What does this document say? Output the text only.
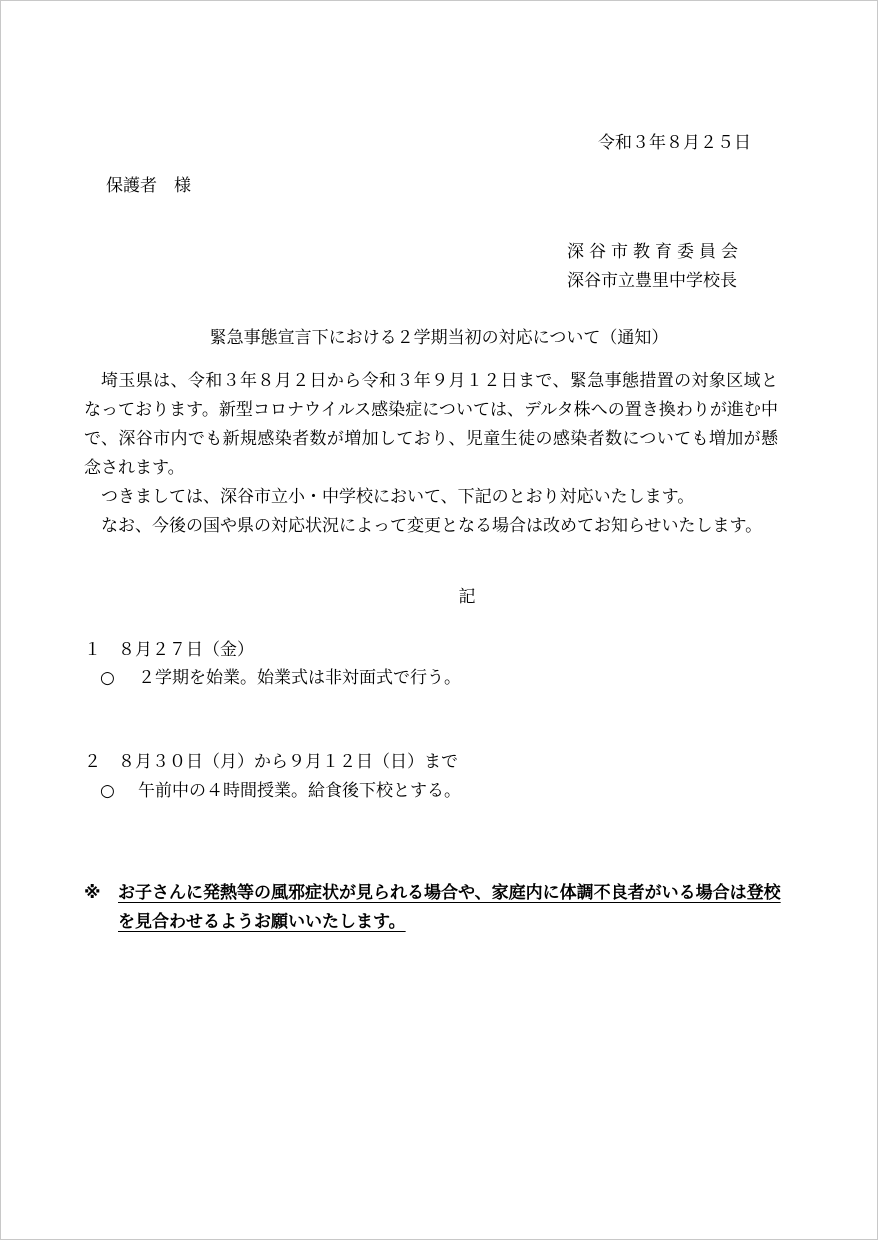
令和３年８月２５日
保護者　様
深谷市教育委員会
深谷市立豊里中学校長
緊急事態宣言下における２学期当初の対応について（通知）

埼玉県は、令和３年８月２日から令和３年９月１２日まで、緊急事態措置の対象区域となっております。新型コロナウイルス感染症については、デルタ株への置き換わりが進む中で、深谷市内でも新規感染者数が増加しており、児童生徒の感染者数についても増加が懸念されます。

つきましては、深谷市立小・中学校において、下記のとおり対応いたします。

なお、今後の国や県の対応状況によって変更となる場合は改めてお知らせいたします。

記
１ ８月２７日（金）
○ ２学期を始業。始業式は非対面式で行う。
２ ８月３０日（月）から９月１２日（日）まで
○ 午前中の４時間授業。給食後下校とする。
※ お子さんに発熱等の風邪症状が見られる場合や、家庭内に体調不良者がいる場合は登校を見合わせるようお願いいたします。
